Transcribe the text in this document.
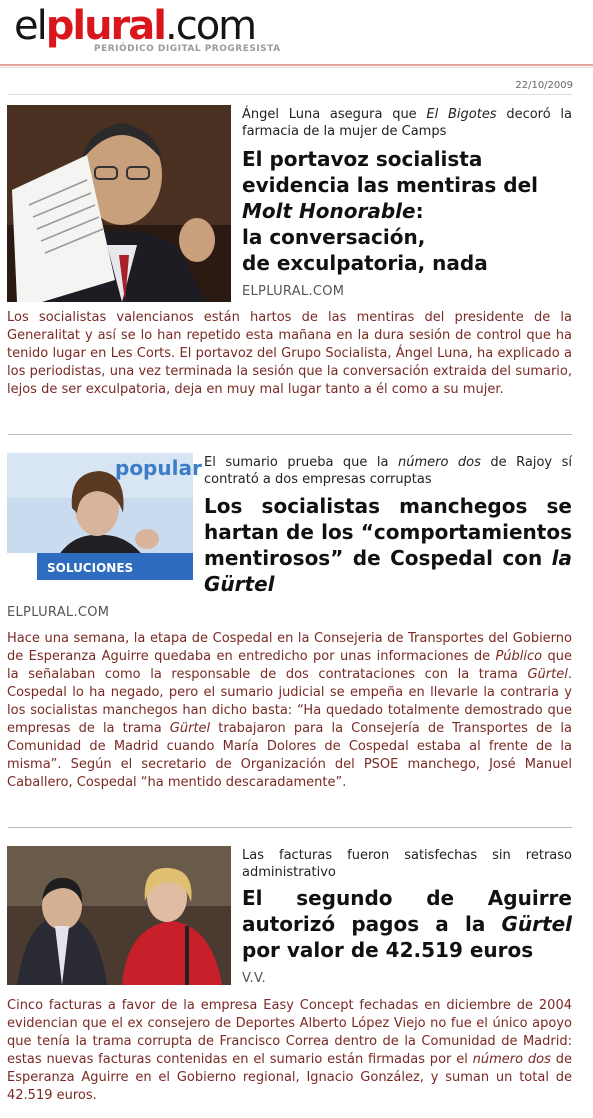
elplural.com
PERIÓDICO DIGITAL PROGRESISTA
22/10/2009
Ángel Luna asegura que El Bigotes decoró la farmacia de la mujer de Camps
El portavoz socialista
evidencia las mentiras del
Molt Honorable:
la conversación,
de exculpatoria, nada
ELPLURAL.COM
Los socialistas valencianos están hartos de las mentiras del presidente de la Generalitat y así se lo han repetido esta mañana en la dura sesión de control que ha tenido lugar en Les Corts. El portavoz del Grupo Socialista, Ángel Luna, ha explicado a los periodistas, una vez terminada la sesión que la conversación extraida del sumario, lejos de ser exculpatoria, deja en muy mal lugar tanto a él como a su mujer.
popular
SOLUCIONES
El sumario prueba que la número dos de Rajoy sí contrató a dos empresas corruptas
Los socialistas manchegos se hartan de los “comportamientos mentirosos” de Cospedal con la Gürtel
ELPLURAL.COM
Hace una semana, la etapa de Cospedal en la Consejeria de Transportes del Gobierno de Esperanza Aguirre quedaba en entredicho por unas informaciones de Público que la señalaban como la responsable de dos contrataciones con la trama Gürtel. Cospedal lo ha negado, pero el sumario judicial se empeña en llevarle la contraria y los socialistas manchegos han dicho basta: “Ha quedado totalmente demostrado que empresas de la trama Gürtel trabajaron para la Consejería de Transportes de la Comunidad de Madrid cuando María Dolores de Cospedal estaba al frente de la misma”. Según el secretario de Organización del PSOE manchego, José Manuel Caballero, Cospedal “ha mentido descaradamente”.
Las facturas fueron satisfechas sin retraso administrativo
El segundo de Aguirre autorizó pagos a la Gürtel por valor de 42.519 euros
V.V.
Cinco facturas a favor de la empresa Easy Concept fechadas en diciembre de 2004 evidencian que el ex consejero de Deportes Alberto López Viejo no fue el único apoyo que tenía la trama corrupta de Francisco Correa dentro de la Comunidad de Madrid: estas nuevas facturas contenidas en el sumario están firmadas por el número dos de Esperanza Aguirre en el Gobierno regional, Ignacio González, y suman un total de 42.519 euros.
